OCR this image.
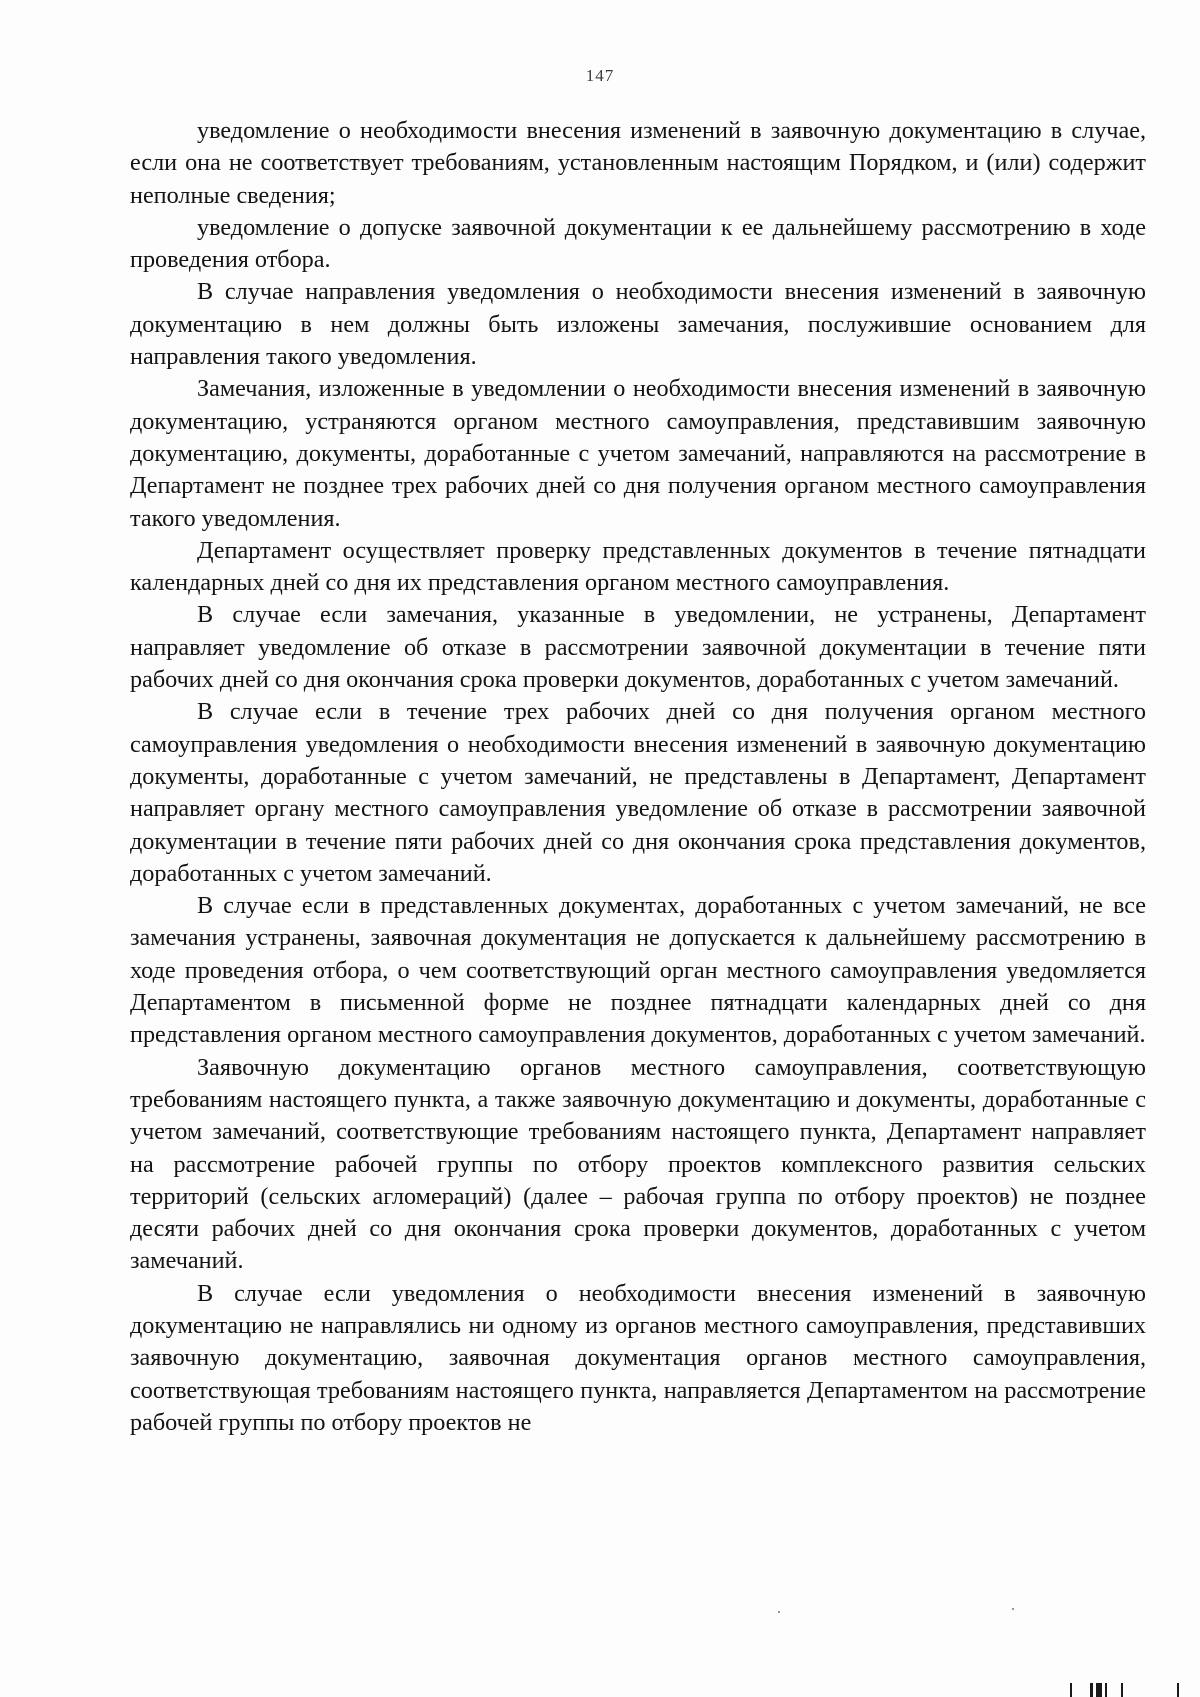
147

уведомление о необходимости внесения изменений в заявочную документацию в случае, если она не соответствует требованиям, установленным настоящим Порядком, и (или) содержит неполные сведения;

уведомление о допуске заявочной документации к ее дальнейшему рассмотрению в ходе проведения отбора.

В случае направления уведомления о необходимости внесения изменений в заявочную документацию в нем должны быть изложены замечания, послужившие основанием для направления такого уведомления.

Замечания, изложенные в уведомлении о необходимости внесения изменений в заявочную документацию, устраняются органом местного самоуправления, представившим заявочную документацию, документы, доработанные с учетом замечаний, направляются на рассмотрение в Департамент не позднее трех рабочих дней со дня получения органом местного самоуправления такого уведомления.

Департамент осуществляет проверку представленных документов в течение пятнадцати календарных дней со дня их представления органом местного самоуправления.

В случае если замечания, указанные в уведомлении, не устранены, Департамент направляет уведомление об отказе в рассмотрении заявочной документации в течение пяти рабочих дней со дня окончания срока проверки документов, доработанных с учетом замечаний.

В случае если в течение трех рабочих дней со дня получения органом местного самоуправления уведомления о необходимости внесения изменений в заявочную документацию документы, доработанные с учетом замечаний, не представлены в Департамент, Департамент направляет органу местного самоуправления уведомление об отказе в рассмотрении заявочной документации в течение пяти рабочих дней со дня окончания срока представления документов, доработанных с учетом замечаний.

В случае если в представленных документах, доработанных с учетом замечаний, не все замечания устранены, заявочная документация не допускается к дальнейшему рассмотрению в ходе проведения отбора, о чем соответствующий орган местного самоуправления уведомляется Департаментом в письменной форме не позднее пятнадцати календарных дней со дня представления органом местного самоуправления документов, доработанных с учетом замечаний.

Заявочную документацию органов местного самоуправления, соответствующую требованиям настоящего пункта, а также заявочную документацию и документы, доработанные с учетом замечаний, соответствующие требованиям настоящего пункта, Департамент направляет на рассмотрение рабочей группы по отбору проектов комплексного развития сельских территорий (сельских агломераций) (далее – рабочая группа по отбору проектов) не позднее десяти рабочих дней со дня окончания срока проверки документов, доработанных с учетом замечаний.

В случае если уведомления о необходимости внесения изменений в заявочную документацию не направлялись ни одному из органов местного самоуправления, представивших заявочную документацию, заявочная документация органов местного самоуправления, соответствующая требованиям настоящего пункта, направляется Департаментом на рассмотрение рабочей группы по отбору проектов не
